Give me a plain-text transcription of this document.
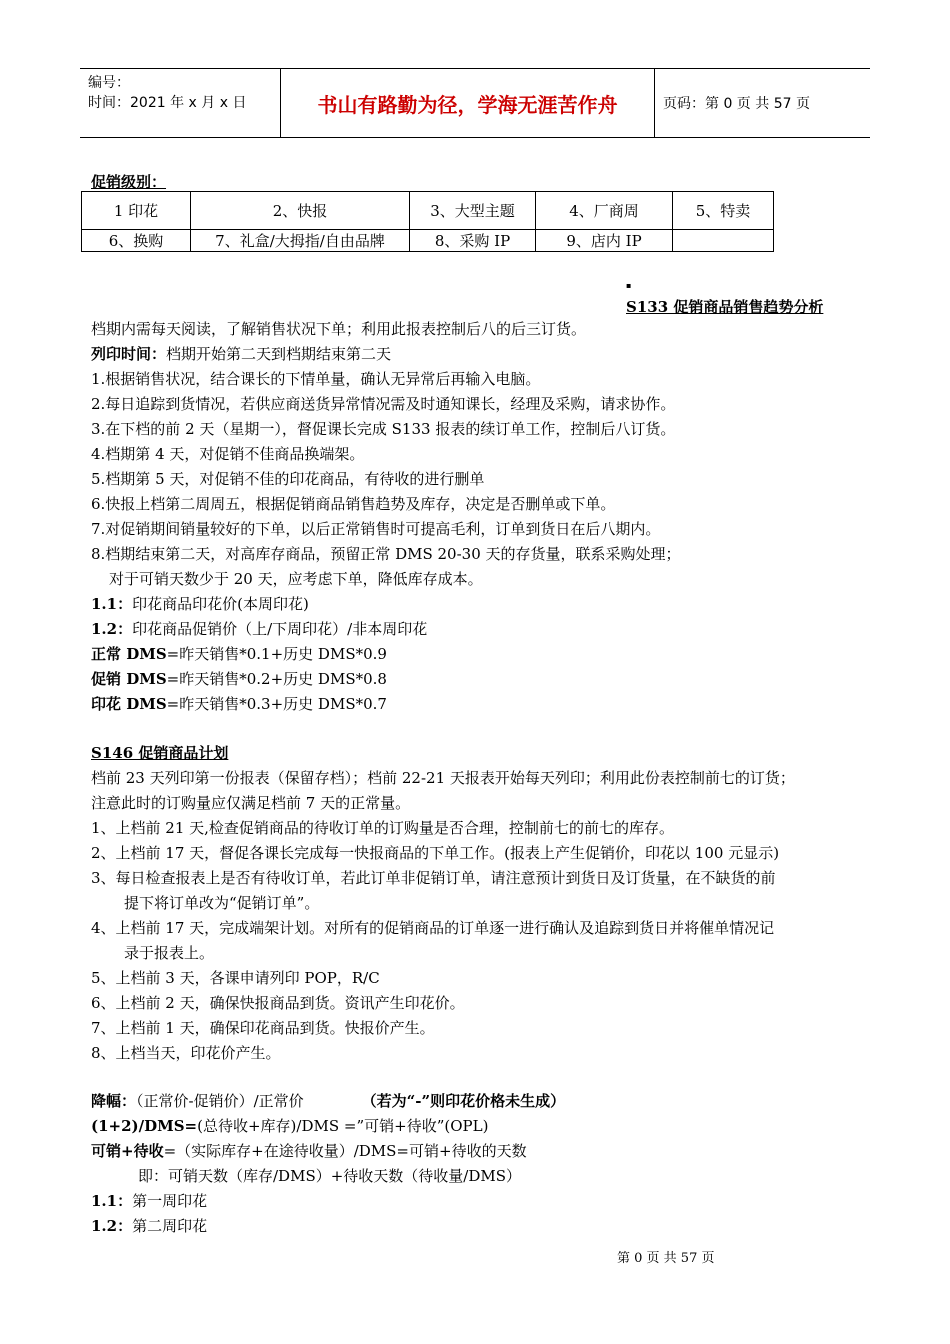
编号：
时间：2021 年 x 月 x 日	书山有路勤为径，学海无涯苦作舟	页码：第 0 页 共 57 页
促销级别：
1 印花	2、快报	3、大型主题	4、厂商周	5、特卖
6、换购	7、礼盒/大拇指/自由品牌	8、采购 IP	9、店内 IP	
▪
S133 促销商品销售趋势分析

档期内需每天阅读，了解销售状况下单；利用此报表控制后八的后三订货。

列印时间：档期开始第二天到档期结束第二天

1.根据销售状况，结合课长的下情单量，确认无异常后再输入电脑。

2.每日追踪到货情况，若供应商送货异常情况需及时通知课长，经理及采购，请求协作。

3.在下档的前 2 天（星期一），督促课长完成 S133 报表的续订单工作，控制后八订货。

4.档期第 4 天，对促销不佳商品换端架。

5.档期第 5 天，对促销不佳的印花商品，有待收的进行删单

6.快报上档第二周周五，根据促销商品销售趋势及库存，决定是否删单或下单。

7.对促销期间销量较好的下单，以后正常销售时可提高毛利，订单到货日在后八期内。

8.档期结束第二天，对高库存商品，预留正常 DMS 20-30 天的存货量，联系采购处理；

对于可销天数少于 20 天，应考虑下单，降低库存成本。

1.1：印花商品印花价(本周印花)

1.2：印花商品促销价（上/下周印花）/非本周印花

正常 DMS=昨天销售*0.1+历史 DMS*0.9

促销 DMS=昨天销售*0.2+历史 DMS*0.8

印花 DMS=昨天销售*0.3+历史 DMS*0.7

S146 促销商品计划

档前 23 天列印第一份报表（保留存档）；档前 22-21 天报表开始每天列印；利用此份表控制前七的订货；

注意此时的订购量应仅满足档前 7 天的正常量。

1、上档前 21 天,检查促销商品的待收订单的订购量是否合理，控制前七的前七的库存。

2、上档前 17 天，督促各课长完成每一快报商品的下单工作。(报表上产生促销价，印花以 100 元显示)

3、每日检查报表上是否有待收订单，若此订单非促销订单，请注意预计到货日及订货量，在不缺货的前

提下将订单改为“促销订单”。

4、上档前 17 天，完成端架计划。对所有的促销商品的订单逐一进行确认及追踪到货日并将催单情况记

录于报表上。

5、上档前 3 天，各课申请列印 POP，R/C

6、上档前 2 天，确保快报商品到货。资讯产生印花价。

7、上档前 1 天，确保印花商品到货。快报价产生。

8、上档当天，印花价产生。

降幅：（正常价-促销价）/正常价	（若为“-”则印花价格未生成）

(1+2)/DMS=(总待收+库存)/DMS =”可销+待收”(OPL)

可销+待收=（实际库存+在途待收量）/DMS=可销+待收的天数

即：可销天数（库存/DMS）+待收天数（待收量/DMS）

1.1：第一周印花

1.2：第二周印花

第 0 页 共 57 页
